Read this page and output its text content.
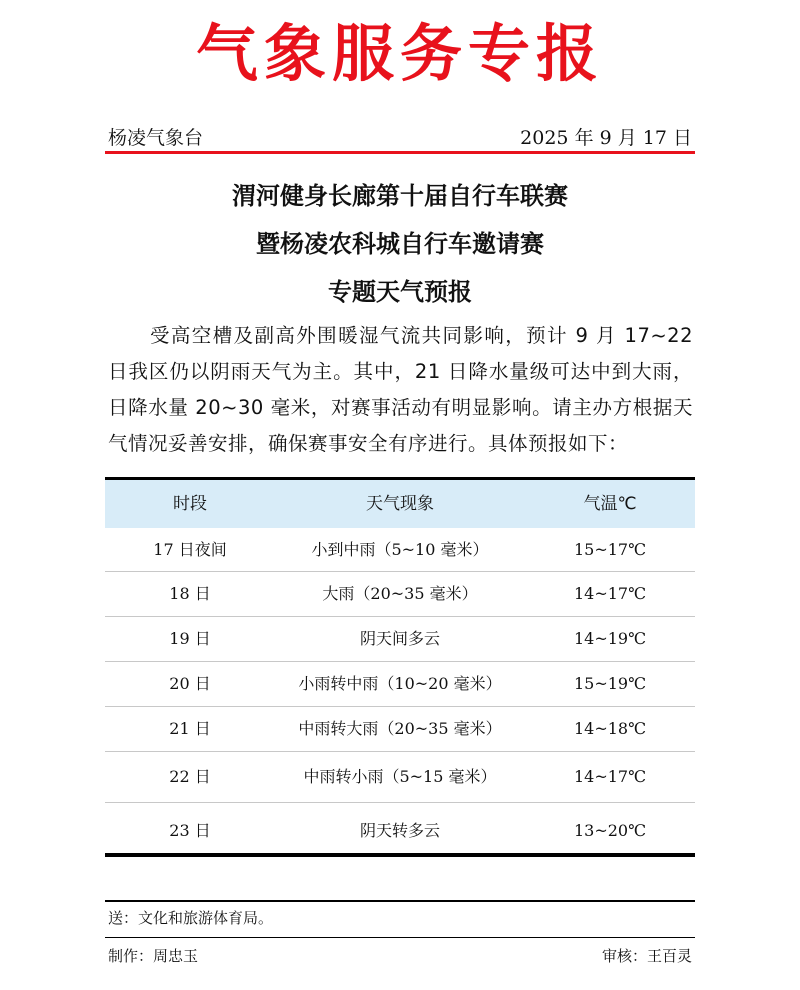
气象服务专报
杨凌气象台	2025 年 9 月 17 日
渭河健身长廊第十届自行车联赛
暨杨凌农科城自行车邀请赛
专题天气预报
受高空槽及副高外围暖湿气流共同影响，预计 9 月 17~22 日我区仍以阴雨天气为主。其中，21 日降水量级可达中到大雨，日降水量 20~30 毫米，对赛事活动有明显影响。请主办方根据天气情况妥善安排，确保赛事安全有序进行。具体预报如下：
时段	天气现象	气温℃
17 日夜间	小到中雨（5~10 毫米）	15~17℃
18 日	大雨（20~35 毫米）	14~17℃
19 日	阴天间多云	14~19℃
20 日	小雨转中雨（10~20 毫米）	15~19℃
21 日	中雨转大雨（20~35 毫米）	14~18℃
22 日	中雨转小雨（5~15 毫米）	14~17℃
23 日	阴天转多云	13~20℃
送：文化和旅游体育局。
制作：周忠玉	审核：王百灵
